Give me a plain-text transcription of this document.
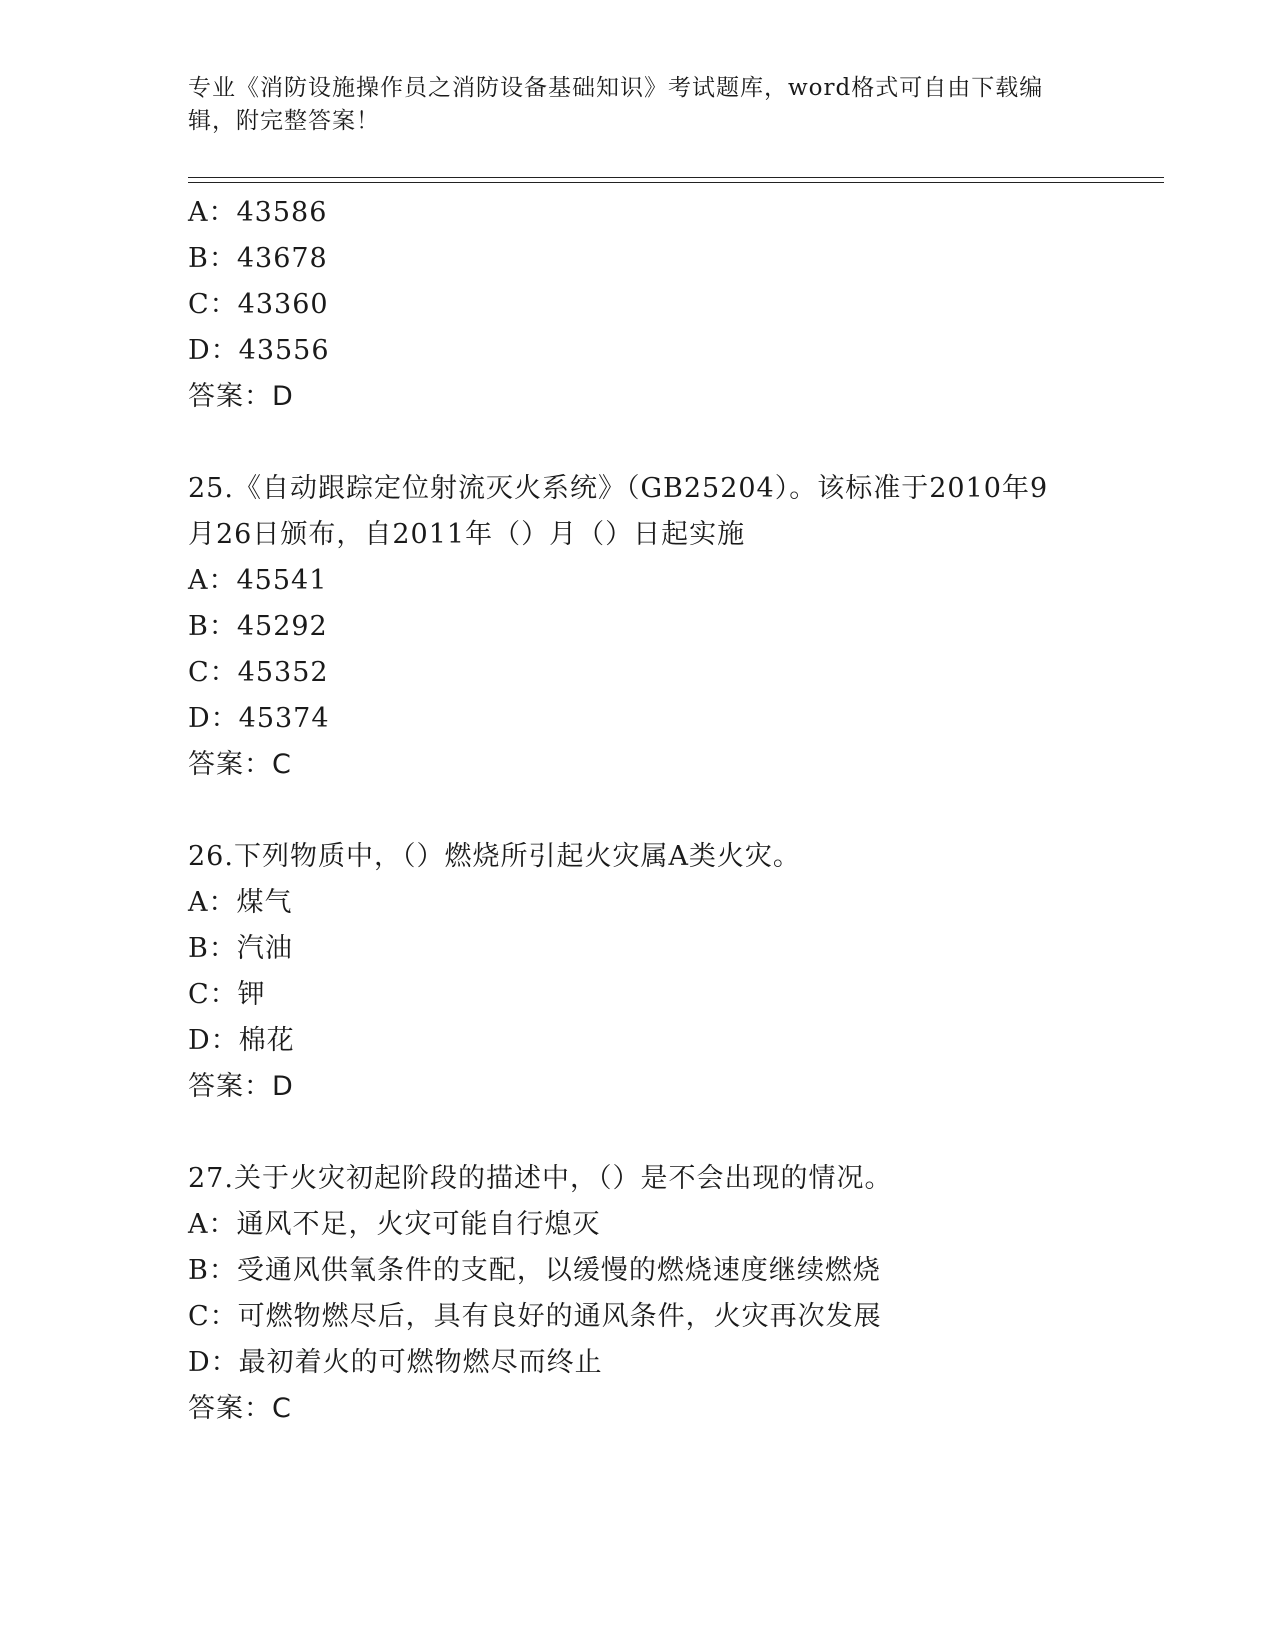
专业《消防设施操作员之消防设备基础知识》考试题库，word格式可自由下载编辑，附完整答案！
A：43586
B：43678
C：43360
D：43556
答案：D
25.《自动跟踪定位射流灭火系统》（GB25204）。该标准于2010年9
月26日颁布，自2011年（）月（）日起实施
A：45541
B：45292
C：45352
D：45374
答案：C
26.下列物质中，（）燃烧所引起火灾属A类火灾。
A：煤气
B：汽油
C：钾
D：棉花
答案：D
27.关于火灾初起阶段的描述中，（）是不会出现的情况。
A：通风不足，火灾可能自行熄灭
B：受通风供氧条件的支配，以缓慢的燃烧速度继续燃烧
C：可燃物燃尽后，具有良好的通风条件，火灾再次发展
D：最初着火的可燃物燃尽而终止
答案：C
